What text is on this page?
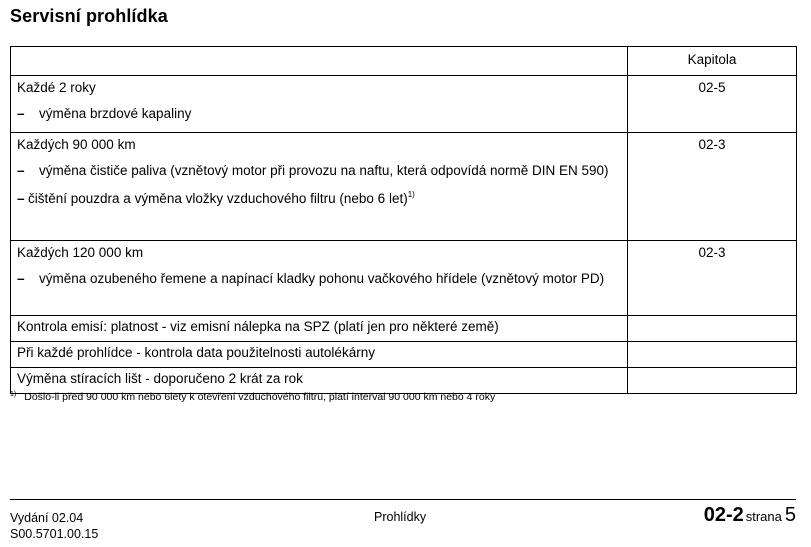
Servisní prohlídka
	Kapitola

Každé 2 roky
– výměna brzdové kapaliny	02-5

Každých 90 000 km
– výměna čističe paliva (vznětový motor při provozu na naftu, která odpovídá normě DIN EN 590)
– čištění pouzdra a výměna vložky vzduchového filtru (nebo 6 let)$^{1)}$	02-3

Každých 120 000 km
– výměna ozubeného řemene a napínací kladky pohonu vačkového hřídele (vznětový motor PD)	02-3
Kontrola emisí: platnost - viz emisní nálepka na SPZ (platí jen pro některé země)	
Při každé prohlídce - kontrola data použitelnosti autolékárny	
Výměna stíracích lišt - doporučeno 2 krát za rok	
$^{1)}$ Došlo-li před 90 000 km nebo 6lety k otevření vzduchového filtru, platí interval 90 000 km nebo 4 roky
Vydání 02.04
S00.5701.00.15
Prohlídky	02-2 strana 5
